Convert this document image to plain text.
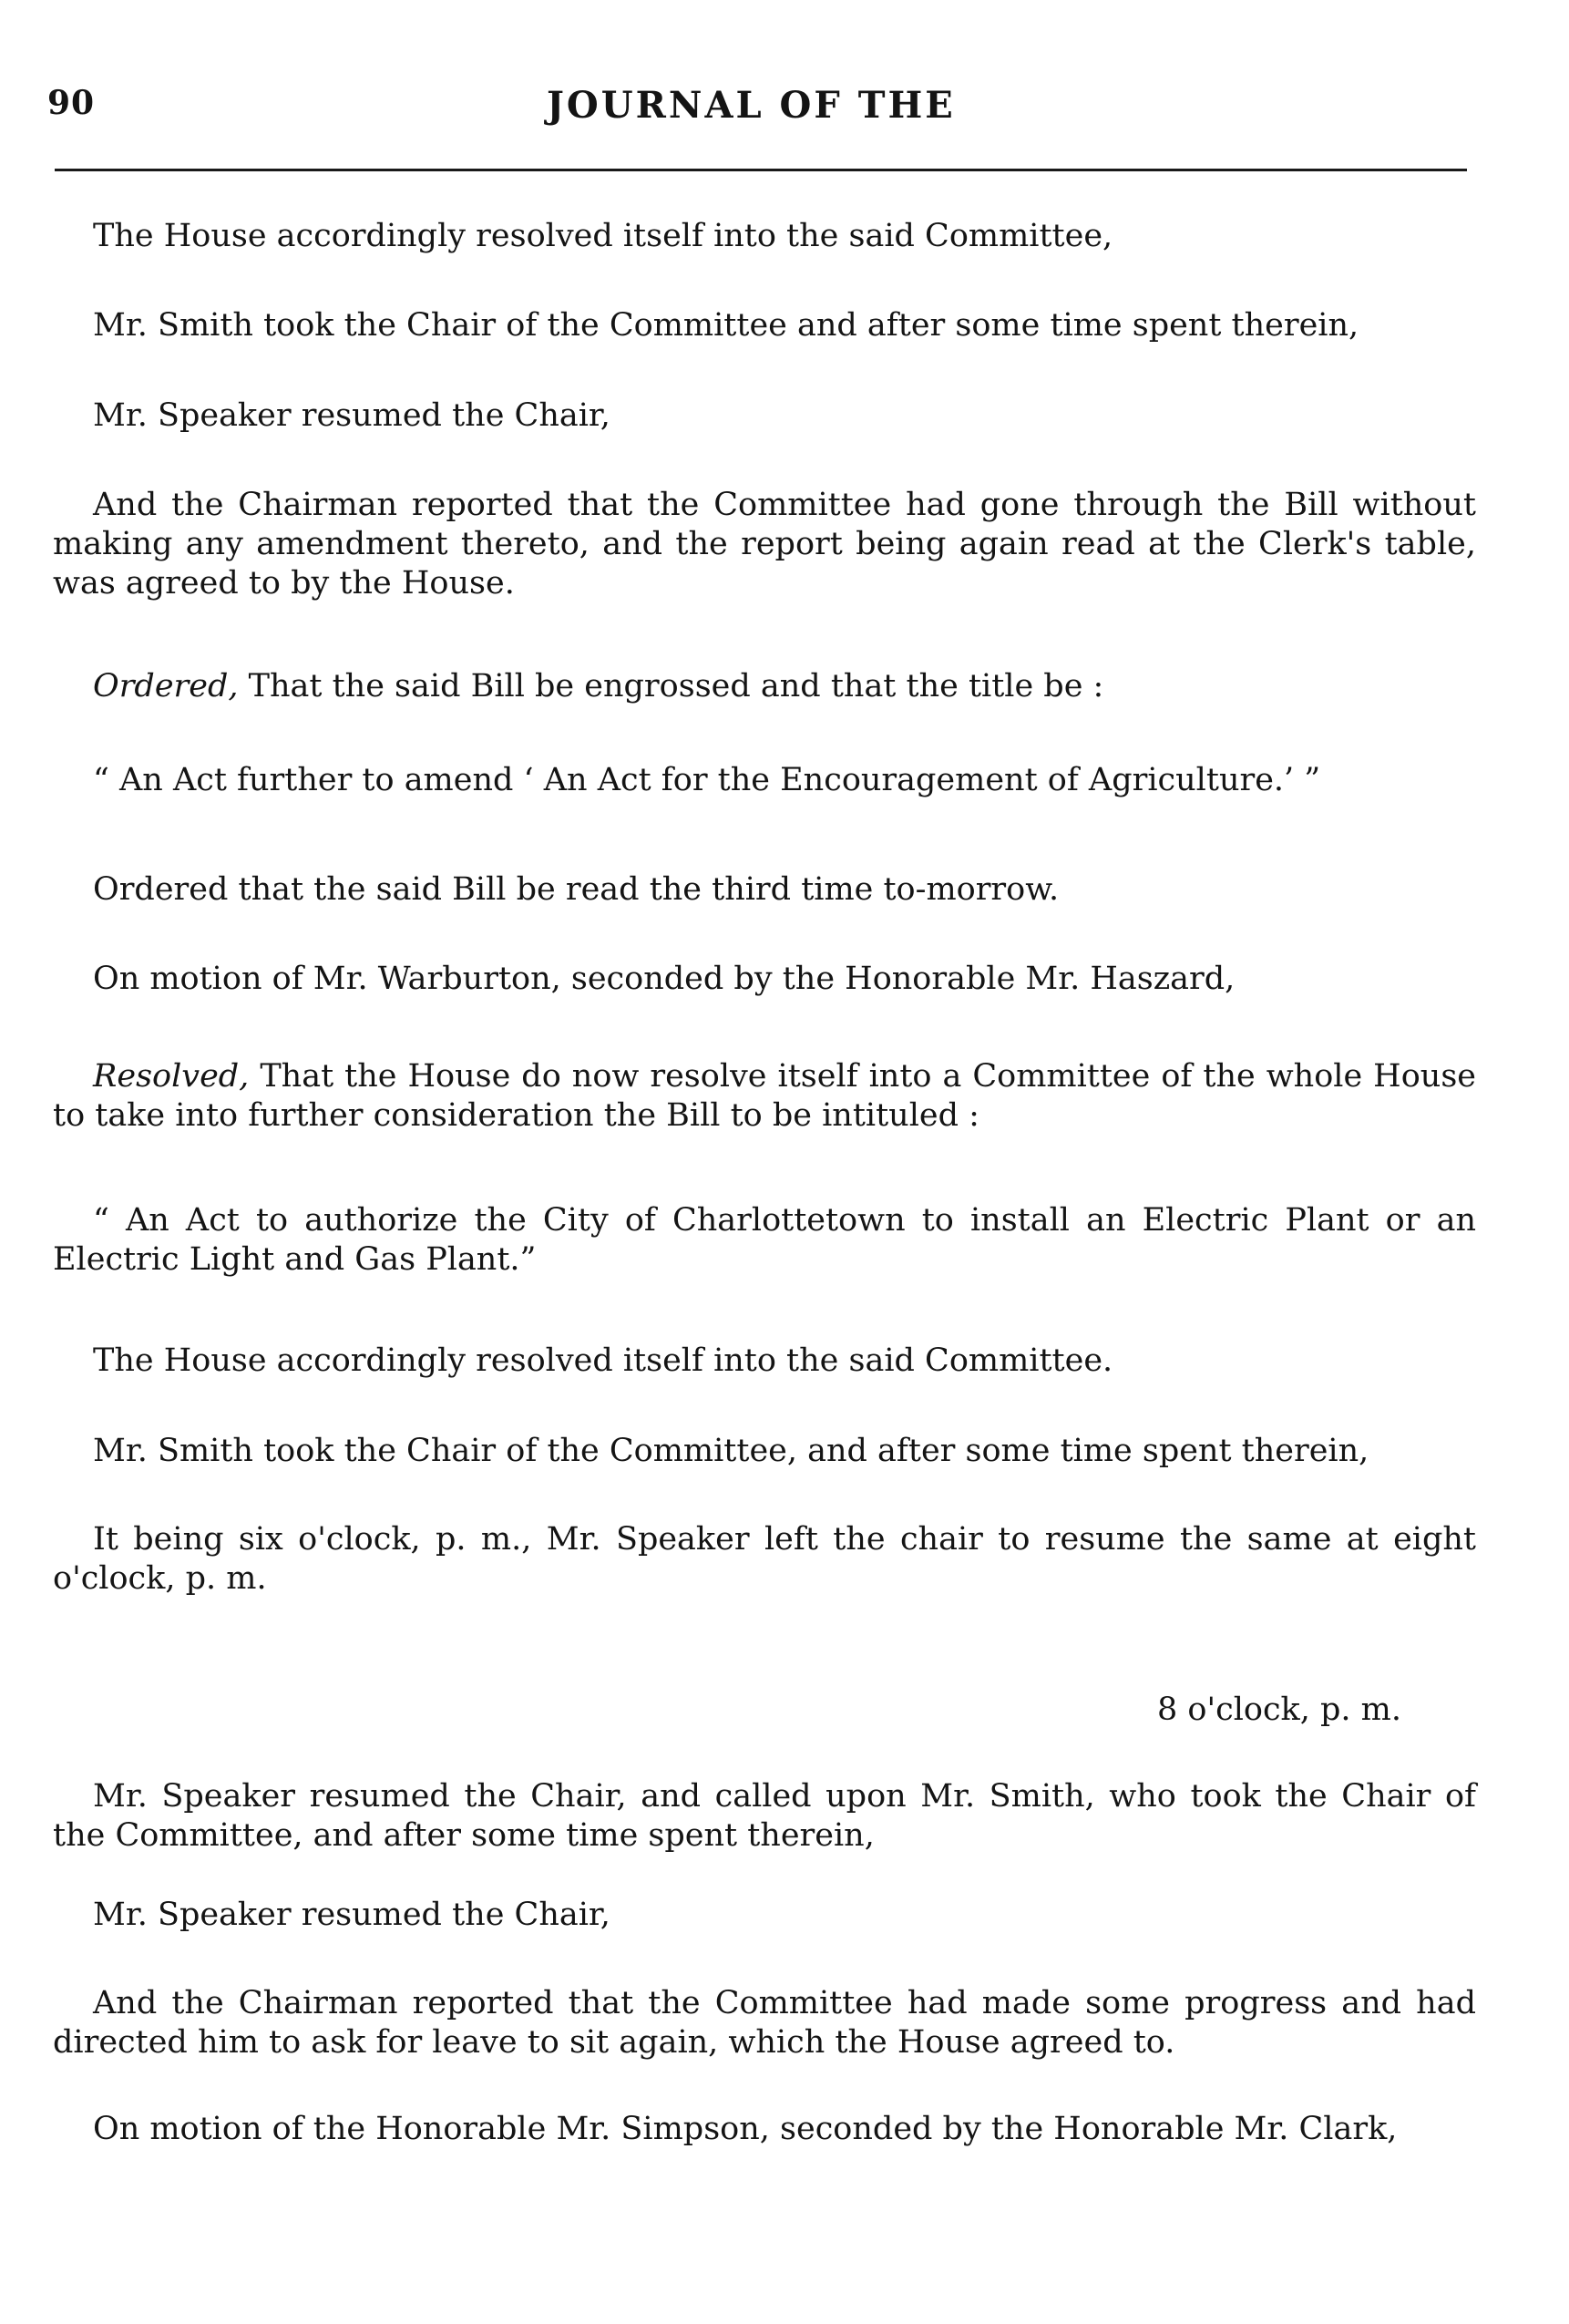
90	JOURNAL OF THE

The House accordingly resolved itself into the said Committee,

Mr. Smith took the Chair of the Committee and after some time spent therein,

Mr. Speaker resumed the Chair,

And the Chairman reported that the Committee had gone through the Bill without making any amendment thereto, and the report being again read at the Clerk's table, was agreed to by the House.

Ordered, That the said Bill be engrossed and that the title be :

“ An Act further to amend ‘ An Act for the Encouragement of Agriculture.’ ”

Ordered that the said Bill be read the third time to-morrow.

On motion of Mr. Warburton, seconded by the Honorable Mr. Haszard,

Resolved, That the House do now resolve itself into a Committee of the whole House to take into further consideration the Bill to be intituled :

“ An Act to authorize the City of Charlottetown to install an Electric Plant or an Electric Light and Gas Plant.”

The House accordingly resolved itself into the said Committee.

Mr. Smith took the Chair of the Committee, and after some time spent therein,

It being six o'clock, p. m., Mr. Speaker left the chair to resume the same at eight o'clock, p. m.

8 o'clock, p. m.

Mr. Speaker resumed the Chair, and called upon Mr. Smith, who took the Chair of the Committee, and after some time spent therein,

Mr. Speaker resumed the Chair,

And the Chairman reported that the Committee had made some progress and had directed him to ask for leave to sit again, which the House agreed to.

On motion of the Honorable Mr. Simpson, seconded by the Honorable Mr. Clark,
